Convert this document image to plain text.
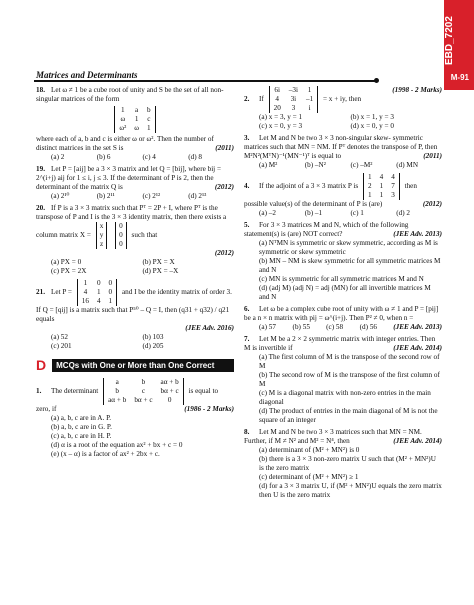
EBD_7202
M-91
Matrices and Determinants
18. Let ω ≠ 1 be a cube root of unity and S be the set of all non-singular matrices of the form
1	a	b
ω	1	c
ω²	ω	1
where each of a, b and c is either ω or ω². Then the number of distinct matrices in the set S is	(2011)
(a) 2	(b) 6	(c) 4	(d) 8
19. Let P = [aij] be a 3 × 3 matrix and let Q = [bij], where bij = 2^(i+j) aij for 1 ≤ i, j ≤ 3. If the determinant of P is 2, then the determinant of the matrix Q is	(2012)
(a) 2¹⁰	(b) 2¹¹	(c) 2¹²	(d) 2¹³
20. If P is a 3 × 3 matrix such that Pᵀ = 2P + I, where Pᵀ is the transpose of P and I is the 3 × 3 identity matrix, then there exists a column matrix X =
x
y
z

0
0
0
such that
(2012)
(a) PX = 0	(b) PX = X
(c) PX = 2X	(d) PX = –X
21. Let P =
1	0	0
4	1	0
16	4	1
and I be the identity matrix of order 3.
If Q = [qij] is a matrix such that P⁵⁰ – Q = I, then (q31 + q32) / q21 equals
(JEE Adv. 2016)
(a) 52	(b) 103
(c) 201	(d) 205
D	MCQs with One or More than One Correct
1. The determinant
a	b	aα + b
b	c	bα + c
aα + b	bα + c	0
is equal to zero, if	(1986 - 2 Marks)
(a) a, b, c are in A. P.
(b) a, b, c are in G. P.
(c) a, b, c are in H. P.
(d) α is a root of the equation ax² + bx + c = 0
(e) (x – α) is a factor of ax² + 2bx + c.
2. If
6i	–3i	1
4	3i	–1
20	3	i
= x + iy, then
(1998 - 2 Marks)
(a) x = 3, y = 1	(b) x = 1, y = 3
(c) x = 0, y = 3	(d) x = 0, y = 0
3. Let M and N be two 3 × 3 non-singular skew- symmetric matrices such that MN = NM. If Pᵀ denotes the transpose of P, then M²N²(MᵀN)⁻¹(MN⁻¹)ᵀ is equal to	(2011)
(a) M²	(b) –N²	(c) –M²	(d) MN
4. If the adjoint of a 3 × 3 matrix P is
1	4	4
2	1	7
1	1	3
then possible value(s) of the determinant of P is (are)	(2012)
(a) –2	(b) –1	(c) 1	(d) 2
5. For 3 × 3 matrices M and N, which of the following statement(s) is (are) NOT correct?	(JEE Adv. 2013)
(a) NᵀMN is symmetric or skew symmetric, according as M is symmetric or skew symmetric
(b) MN – NM is skew symmetric for all symmetric matrices M and N
(c) MN is symmetric for all symmetric matrices M and N
(d) (adj M) (adj N) = adj (MN) for all invertible matrices M and N
6. Let ω be a complex cube root of unity with ω ≠ 1 and P = [pij] be a n × n matrix with pij = ω^(i+j). Then P² ≠ 0, when n =
(JEE Adv. 2013)
(a) 57	(b) 55	(c) 58	(d) 56
7. Let M be a 2 × 2 symmetric matrix with integer entries. Then M is invertible if	(JEE Adv. 2014)
(a) The first column of M is the transpose of the second row of M
(b) The second row of M is the transpose of the first column of M
(c) M is a diagonal matrix with non-zero entries in the main diagonal
(d) The product of entries in the main diagonal of M is not the square of an integer
8. Let M and N be two 3 × 3 matrices such that MN = NM. Further, if M ≠ N² and M² = N⁴, then	(JEE Adv. 2014)
(a) determinant of (M² + MN²) is 0
(b) there is a 3 × 3 non-zero matrix U such that (M² + MN²)U is the zero matrix
(c) determinant of (M² + MN²) ≥ 1
(d) for a 3 × 3 matrix U, if (M² + MN²)U equals the zero matrix then U is the zero matrix
